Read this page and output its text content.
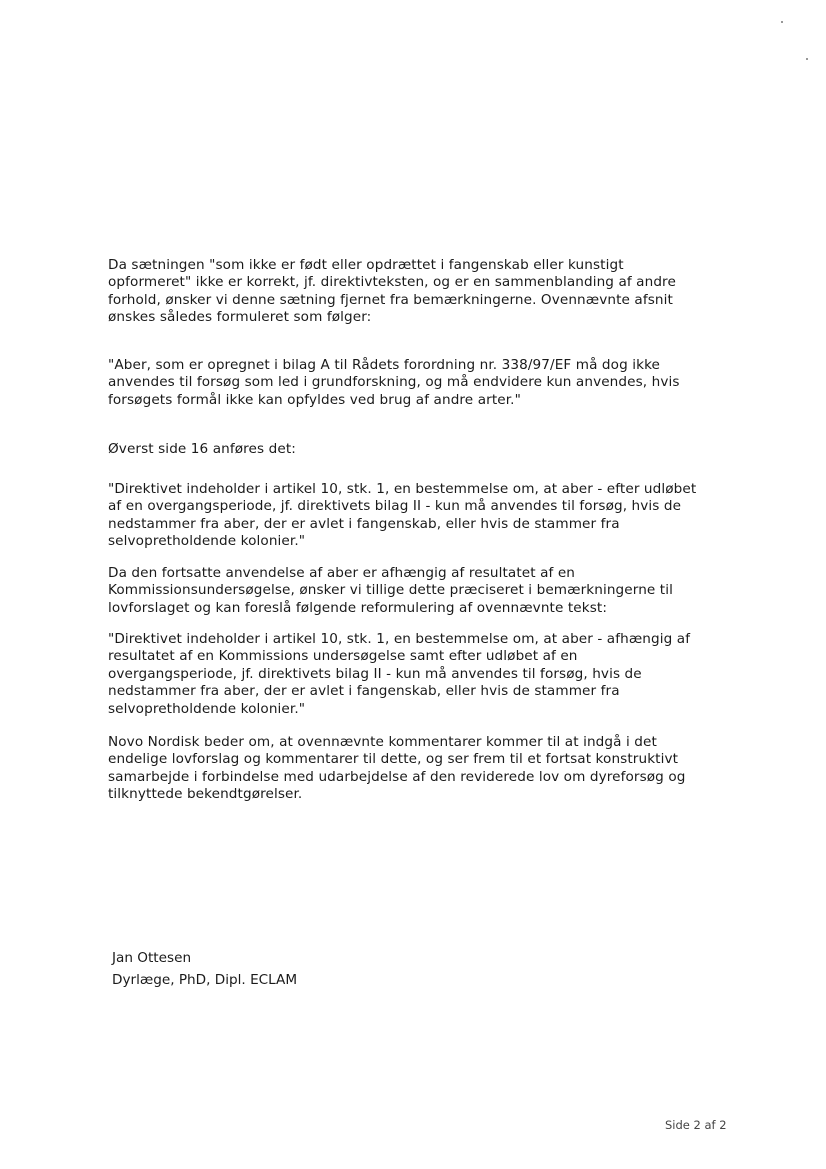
Da sætningen "som ikke er født eller opdrættet i fangenskab eller kunstigt
opformeret" ikke er korrekt, jf. direktivteksten, og er en sammenblanding af andre
forhold, ønsker vi denne sætning fjernet fra bemærkningerne. Ovennævnte afsnit
ønskes således formuleret som følger:

"Aber, som er opregnet i bilag A til Rådets forordning nr. 338/97/EF må dog ikke
anvendes til forsøg som led i grundforskning, og må endvidere kun anvendes, hvis
forsøgets formål ikke kan opfyldes ved brug af andre arter."

Øverst side 16 anføres det:

"Direktivet indeholder i artikel 10, stk. 1, en bestemmelse om, at aber - efter udløbet
af en overgangsperiode, jf. direktivets bilag II - kun må anvendes til forsøg, hvis de
nedstammer fra aber, der er avlet i fangenskab, eller hvis de stammer fra
selvopretholdende kolonier."

Da den fortsatte anvendelse af aber er afhængig af resultatet af en
Kommissionsundersøgelse, ønsker vi tillige dette præciseret i bemærkningerne til
lovforslaget og kan foreslå følgende reformulering af ovennævnte tekst:

"Direktivet indeholder i artikel 10, stk. 1, en bestemmelse om, at aber - afhængig af
resultatet af en Kommissions undersøgelse samt efter udløbet af en
overgangsperiode, jf. direktivets bilag II - kun må anvendes til forsøg, hvis de
nedstammer fra aber, der er avlet i fangenskab, eller hvis de stammer fra
selvopretholdende kolonier."

Novo Nordisk beder om, at ovennævnte kommentarer kommer til at indgå i det
endelige lovforslag og kommentarer til dette, og ser frem til et fortsat konstruktivt
samarbejde i forbindelse med udarbejdelse af den reviderede lov om dyreforsøg og
tilknyttede bekendtgørelser.

Jan Ottesen
Dyrlæge, PhD, Dipl. ECLAM
Side 2 af 2
